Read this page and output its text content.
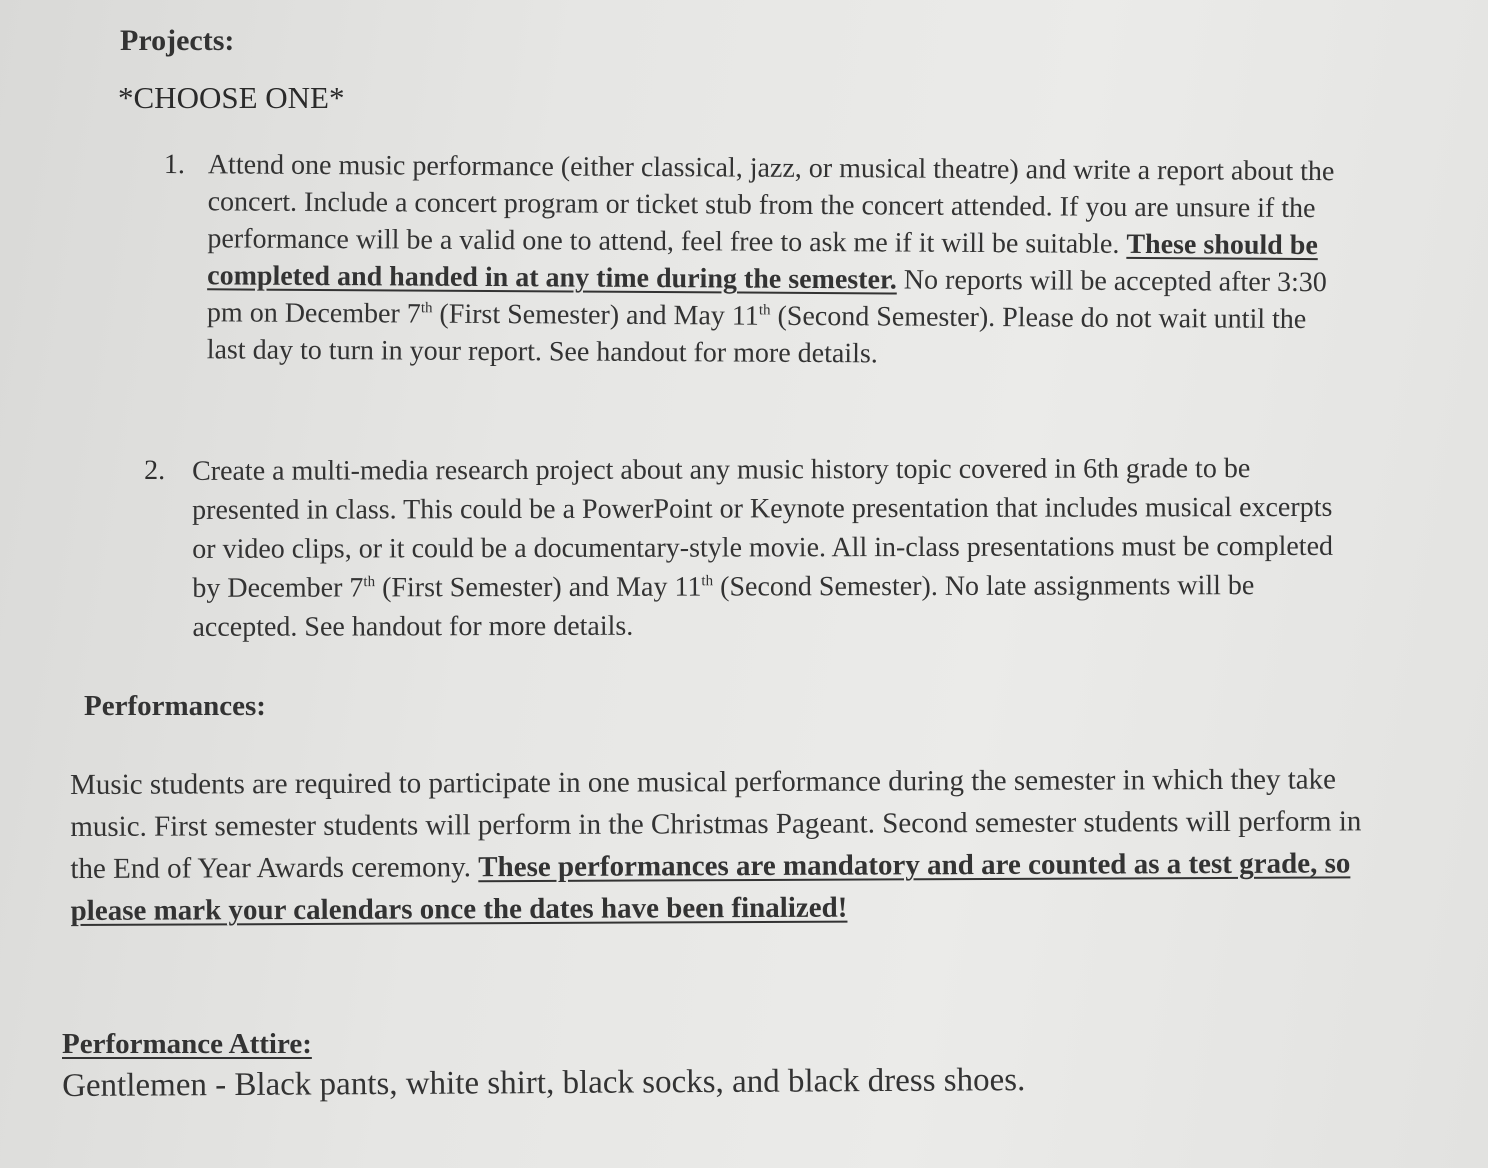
Projects:
*CHOOSE ONE*
1. Attend one music performance (either classical, jazz, or musical theatre) and write a report about the concert. Include a concert program or ticket stub from the concert attended. If you are unsure if the performance will be a valid one to attend, feel free to ask me if it will be suitable. These should be completed and handed in at any time during the semester. No reports will be accepted after 3:30 pm on December 7th (First Semester) and May 11th (Second Semester). Please do not wait until the last day to turn in your report. See handout for more details.

2. Create a multi-media research project about any music history topic covered in 6th grade to be presented in class. This could be a PowerPoint or Keynote presentation that includes musical excerpts or video clips, or it could be a documentary-style movie. All in-class presentations must be completed by December 7th (First Semester) and May 11th (Second Semester). No late assignments will be accepted. See handout for more details.

Performances:

Music students are required to participate in one musical performance during the semester in which they take music. First semester students will perform in the Christmas Pageant. Second semester students will perform in the End of Year Awards ceremony. These performances are mandatory and are counted as a test grade, so please mark your calendars once the dates have been finalized!

Performance Attire:
Gentlemen - Black pants, white shirt, black socks, and black dress shoes.
